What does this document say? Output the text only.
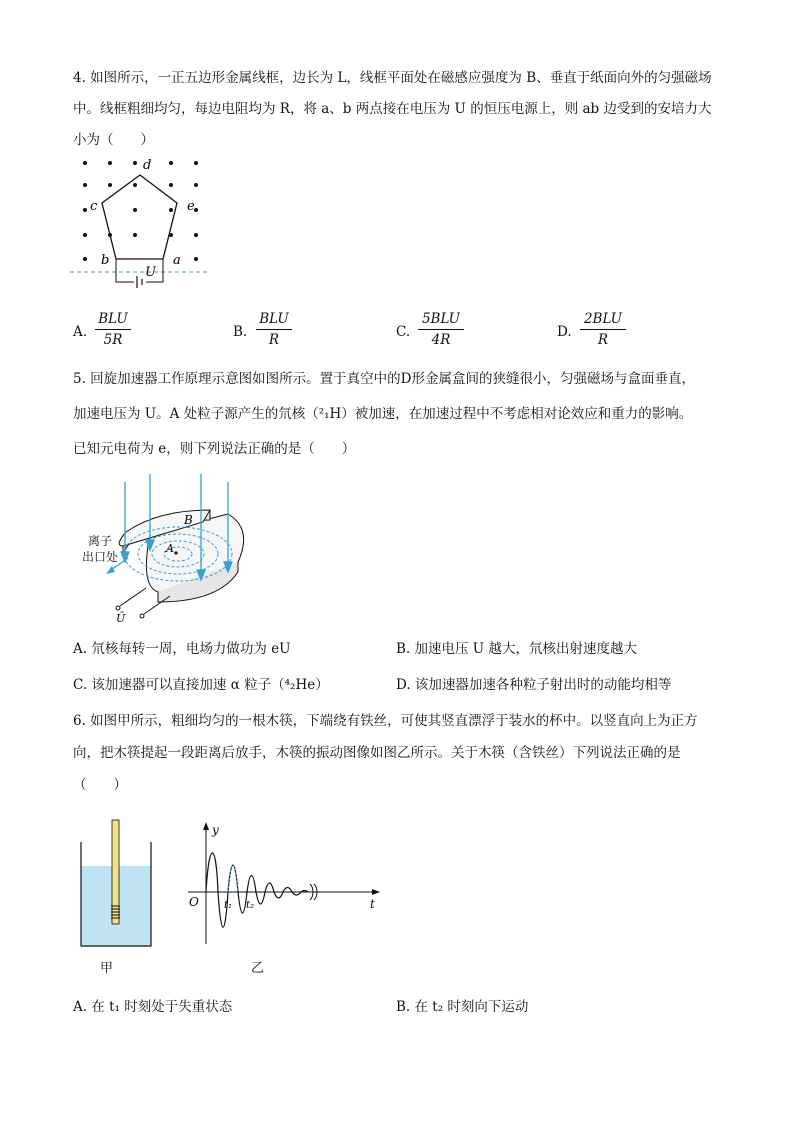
4. 如图所示，一正五边形金属线框，边长为 L，线框平面处在磁感应强度为 B、垂直于纸面向外的匀强磁场中。线框粗细均匀，每边电阻均为 R，将 a、b 两点接在电压为 U 的恒压电源上，则 ab 边受到的安培力大小为（　　）

d
c	e
b	a
U
A.
BLU
5R	B.
BLU
R	C.
5BLU
4R	D.
2BLU
R

5. 回旋加速器工作原理示意图如图所示。置于真空中的D形金属盒间的狭缝很小，匀强磁场与盒面垂直，

加速电压为 U。A 处粒子源产生的氘核（²₁H）被加速，在加速过程中不考虑相对论效应和重力的影响。

已知元电荷为 e，则下列说法正确的是（　　）

B
A
Ũ
离子
出口处
A. 氘核每转一周，电场力做功为 eU	B. 加速电压 U 越大，氘核出射速度越大
C. 该加速器可以直接加速 α 粒子（⁴₂He）	D. 该加速器加速各种粒子射出时的动能均相等

6. 如图甲所示，粗细均匀的一根木筷，下端绕有铁丝，可使其竖直漂浮于装水的杯中。以竖直向上为正方

向，把木筷提起一段距离后放手，木筷的振动图像如图乙所示。关于木筷（含铁丝）下列说法正确的是

（　　）

甲
y
O	t₁ t₂	t
乙
A. 在 t₁ 时刻处于失重状态	B. 在 t₂ 时刻向下运动
